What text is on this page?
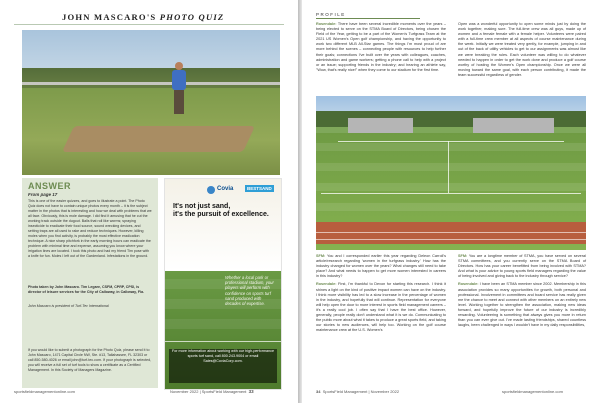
JOHN MASCARO'S PHOTO QUIZ
ANSWER
From page 17

This is one of the easier quizzes, and goes to illustrate a point. The Photo Quiz does not have to contain unique photos every month – it is the subject matter in the photos that is interesting and how we deal with problems that we all face. Obviously, this is mole damage. I did find it amusing that he cut the working track outside the dugout. Balls that roll like worms; spraying insecticide to eradicate their food source, sound wrecking devices, and setting traps are all used to rake and reduce techniques. However, killing moles when you find activity, is probably the most effective eradication technique. A nice sharp pitchfork in the early morning hours can eradicate the problem with minimal time and expense, assuming you know where your irrigation lines are located. I took this photo and had my friend Tim pose with a knife for fun. Moles I left out of the Gardenland. Infestations in the ground.

Photo taken by John Mascaro. Tim Legare, CSFM, CPRP, CPSI, is director of leisure services for the City of Calloway, in Calloway, Fla.

John Mascaro is president of Turf-Tec International

If you would like to submit a photograph for the Photo Quiz, please send it to John Mascaro, 1471 Capital Circle NW, Ste. #13, Tallahassee, FL 32303 or call 850-580-4026 or email john@turf-tec.com. If your photograph is selected, you will receive a full set of turf tools to show a certificate as a Certified Management. In this Society of Managers Magazine.

Covia	BESTSAND
It's not just sand,
it's the pursuit of excellence.
Whether a local park or professional stadium, your players will perform with confidence on sports turf sand produced with decades of expertise.

For more information about working with our high-performance sports turf sand, call 800.243.9004 or email Sales@CoviaCorp.com.

sportsfieldmanagementonline.com	November 2022 | SportsField Management 33
PROFILE

Rosendale: There have been several incredible moments over the years – being elected to serve on the STMA Board of Directors, being chosen the Field of the Year, getting to be a part of the Women's Turfgrass Team at the 2021 US Women's Open golf championship, and having the opportunity to work two different MLB All-Star games. The things I'm most proud of are more behind the scenes – connecting people with resources to help further their goals; connections I've built over the years with colleagues, coaches, administration and game workers; getting a phone call to help with a project or an issue; supporting friends in the industry; and hearing an athlete say, "Wow, that's really nice!" when they come to our stadium for the first time.

Open was a wonderful opportunity to open some minds just by doing the work together, making sure. The full-time crew was all guys, made up of women and a female female with a female helper. Volunteers were paired with a full-time crew member at all aspects of course maintenance during the week. Initially we were treated very gently, for example, jumping in and out of the back of utility vehicles to get to our assignments was almost like we were breaking the rules. Each volunteer was willing to do whatever needed to happen in order to get the work done and produce a golf course worthy of hosting the Women's Open championship. Once we were all moving toward the same goal, with each person contributing, it made the team successful regardless of gender.

SFM: You and I corresponded earlier this year regarding Deleon Carroll's article/research regarding 'women in the turfgrass industry.' How has the industry changed for women over the years? What changes still need to take place? And what needs to happen to get more women interested in careers in this industry?

Rosendale: First, I'm thankful to Devon for starting this research. I think it shines a light on the kind of positive impact women can have on the industry. I think more visibility has led to a slow increase in the percentage of women in the industry, and hopefully that will continue. Representation for everyone will help open the door to more interest in sports field management careers – it's a really cool job. I often say that I have the best office. However, generally, people really don't understand what it is we do. Communicating to the public more about what it takes to produce a great sports field, and taking our stories to new audiences, will help too. Working on the golf course maintenance crew at the U.S. Women's

SFM: You are a longtime member of STMA, you have served on several STMA committees, and you currently serve on the STMA Board of Directors. How has your career benefitted from being involved with STMA? And what is your advice to young sports field managers regarding the value of being involved and giving back to the industry through service?

Rosendale: I have been an STMA member since 2002. Membership in this association provides so many opportunities for growth, both personal and professional. Involvement in committees and board service has really given me the chance to meet and connect with other members on an entirely new level. Working together to strengthen the association, making new ideas forward, and hopefully improve the future of our industry is incredibly rewarding. Volunteering is something that always gives you more in return than you can ever give out. I've made lasting friendships, shared countless laughs, been challenged in ways I wouldn't have in my daily responsibilities,

34 SportsField Management | November 2022	sportsfieldmanagementonline.com
